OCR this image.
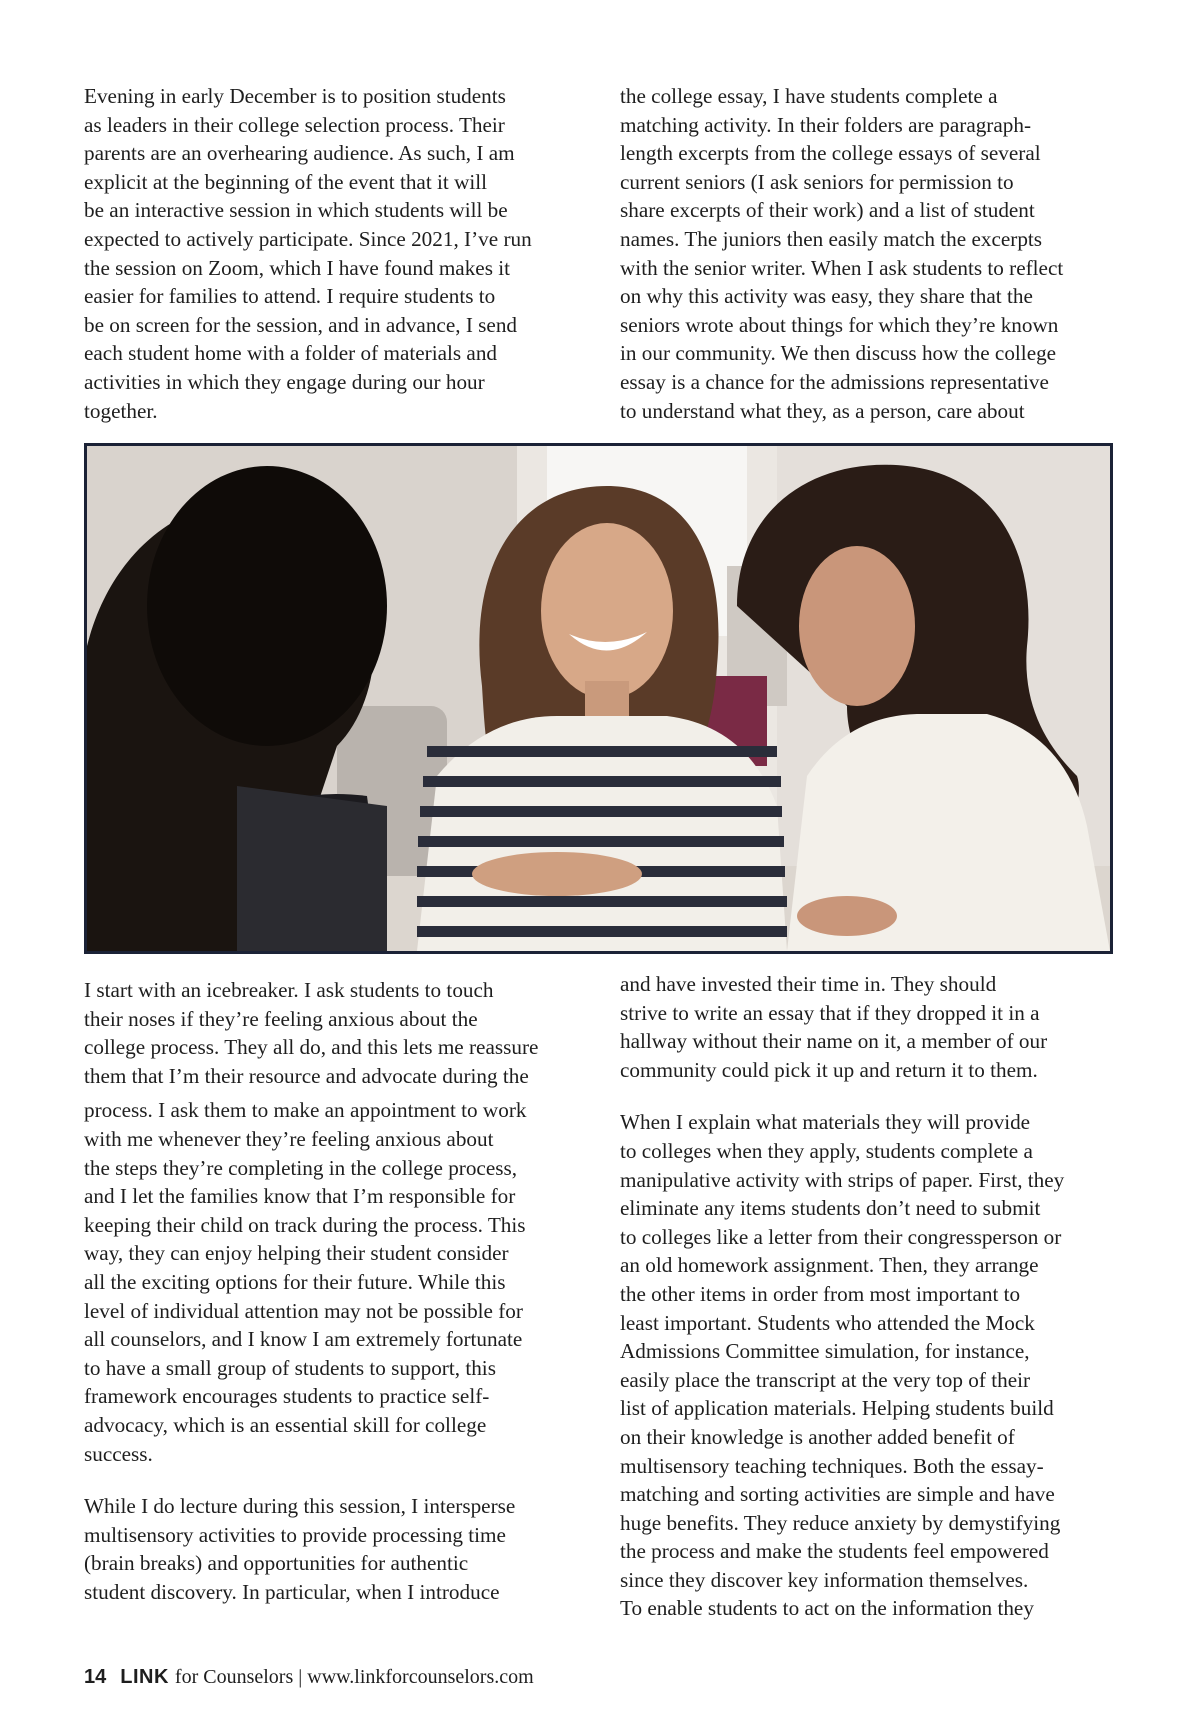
Evening in early December is to position students
as leaders in their college selection process. Their
parents are an overhearing audience. As such, I am
explicit at the beginning of the event that it will
be an interactive session in which students will be
expected to actively participate. Since 2021, I’ve run
the session on Zoom, which I have found makes it
easier for families to attend. I require students to
be on screen for the session, and in advance, I send
each student home with a folder of materials and
activities in which they engage during our hour
together.

the college essay, I have students complete a
matching activity. In their folders are paragraph-
length excerpts from the college essays of several
current seniors (I ask seniors for permission to
share excerpts of their work) and a list of student
names. The juniors then easily match the excerpts
with the senior writer. When I ask students to reflect
on why this activity was easy, they share that the
seniors wrote about things for which they’re known
in our community. We then discuss how the college
essay is a chance for the admissions representative
to understand what they, as a person, care about

I start with an icebreaker. I ask students to touch
their noses if they’re feeling anxious about the
college process. They all do, and this lets me reassure
them that I’m their resource and advocate during the

process. I ask them to make an appointment to work
with me whenever they’re feeling anxious about
the steps they’re completing in the college process,
and I let the families know that I’m responsible for
keeping their child on track during the process. This
way, they can enjoy helping their student consider
all the exciting options for their future. While this
level of individual attention may not be possible for
all counselors, and I know I am extremely fortunate
to have a small group of students to support, this
framework encourages students to practice self-
advocacy, which is an essential skill for college
success.

While I do lecture during this session, I intersperse
multisensory activities to provide processing time
(brain breaks) and opportunities for authentic
student discovery. In particular, when I introduce

and have invested their time in. They should
strive to write an essay that if they dropped it in a
hallway without their name on it, a member of our
community could pick it up and return it to them.

When I explain what materials they will provide
to colleges when they apply, students complete a
manipulative activity with strips of paper. First, they
eliminate any items students don’t need to submit
to colleges like a letter from their congressperson or
an old homework assignment. Then, they arrange
the other items in order from most important to
least important. Students who attended the Mock
Admissions Committee simulation, for instance,
easily place the transcript at the very top of their
list of application materials. Helping students build
on their knowledge is another added benefit of
multisensory teaching techniques. Both the essay-
matching and sorting activities are simple and have
huge benefits. They reduce anxiety by demystifying
the process and make the students feel empowered
since they discover key information themselves.
To enable students to act on the information they

14 LINK for Counselors | www.linkforcounselors.com
